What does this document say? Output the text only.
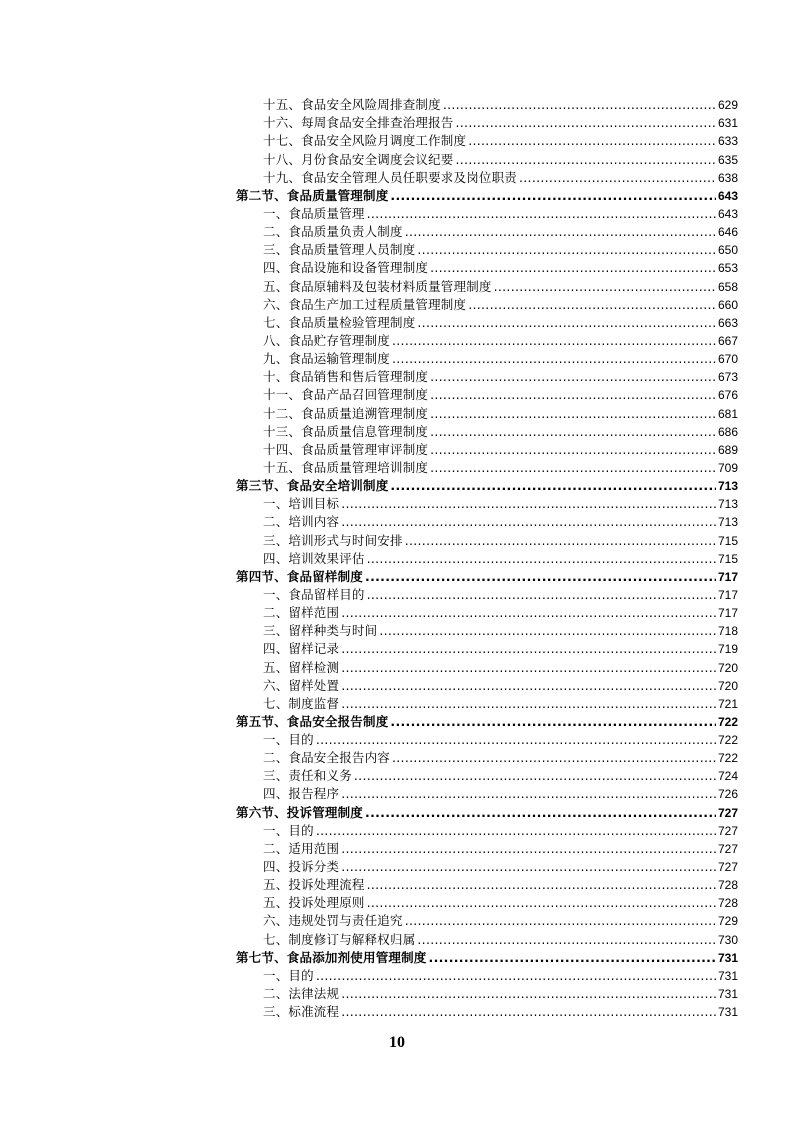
十五、食品安全风险周排查制度 .....	629
十六、每周食品安全排查治理报告 .....	631
十七、食品安全风险月调度工作制度 .....	633
十八、月份食品安全调度会议纪要 .....	635
十九、食品安全管理人员任职要求及岗位职责 .....	638
第二节、食品质量管理制度 .....	643
一、食品质量管理 .....	643
二、食品质量负责人制度 .....	646
三、食品质量管理人员制度 .....	650
四、食品设施和设备管理制度 .....	653
五、食品原辅料及包装材料质量管理制度 .....	658
六、食品生产加工过程质量管理制度 .....	660
七、食品质量检验管理制度 .....	663
八、食品贮存管理制度 .....	667
九、食品运输管理制度 .....	670
十、食品销售和售后管理制度 .....	673
十一、食品产品召回管理制度 .....	676
十二、食品质量追溯管理制度 .....	681
十三、食品质量信息管理制度 .....	686
十四、食品质量管理审评制度 .....	689
十五、食品质量管理培训制度 .....	709
第三节、食品安全培训制度 .....	713
一、培训目标 .....	713
二、培训内容 .....	713
三、培训形式与时间安排 .....	715
四、培训效果评估 .....	715
第四节、食品留样制度 .....	717
一、食品留样目的 .....	717
二、留样范围 .....	717
三、留样种类与时间 .....	718
四、留样记录 .....	719
五、留样检测 .....	720
六、留样处置 .....	720
七、制度监督 .....	721
第五节、食品安全报告制度 .....	722
一、目的 .....	722
二、食品安全报告内容 .....	722
三、责任和义务 .....	724
四、报告程序 .....	726
第六节、投诉管理制度 .....	727
一、目的 .....	727
二、适用范围 .....	727
四、投诉分类 .....	727
五、投诉处理流程 .....	728
五、投诉处理原则 .....	728
六、违规处罚与责任追究 .....	729
七、制度修订与解释权归属 .....	730
第七节、食品添加剂使用管理制度 .....	731
一、目的 .....	731
二、法律法规 .....	731
三、标准流程 .....	731
10
